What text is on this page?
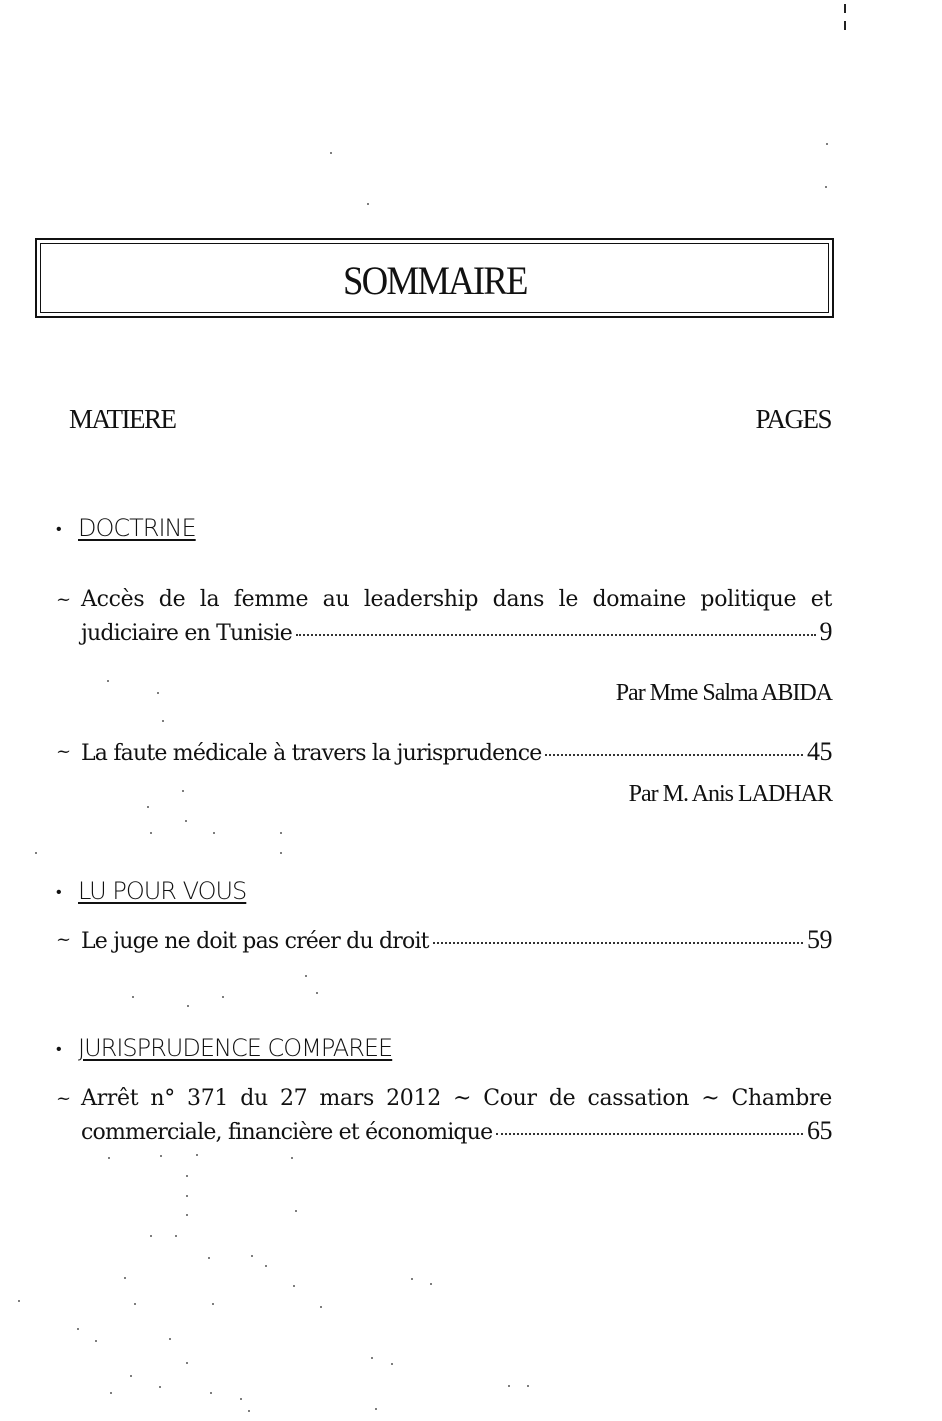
SOMMAIRE
MATIERE	PAGES
• DOCTRINE
~ Accès de la femme au leadership dans le domaine politique et
judiciaire en Tunisie	9
Par Mme Salma ABIDA
~ La faute médicale à travers la jurisprudence	45
Par M. Anis LADHAR
• LU POUR VOUS
~ Le juge ne doit pas créer du droit	59
• JURISPRUDENCE COMPAREE
~ Arrêt n° 371 du 27 mars 2012 ~ Cour de cassation ~ Chambre
commerciale, financière et économique	65
